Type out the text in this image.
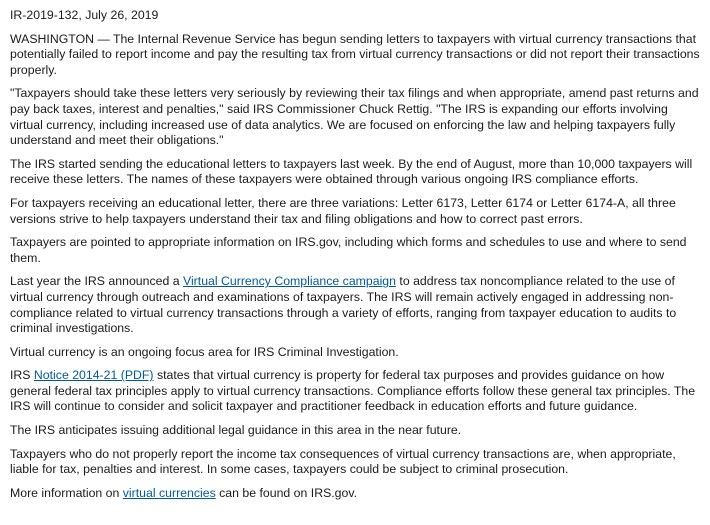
IR-2019-132, July 26, 2019

WASHINGTON — The Internal Revenue Service has begun sending letters to taxpayers with virtual currency transactions that potentially failed to report income and pay the resulting tax from virtual currency transactions or did not report their transactions properly.

"Taxpayers should take these letters very seriously by reviewing their tax filings and when appropriate, amend past returns and pay back taxes, interest and penalties," said IRS Commissioner Chuck Rettig. "The IRS is expanding our efforts involving virtual currency, including increased use of data analytics. We are focused on enforcing the law and helping taxpayers fully understand and meet their obligations."

The IRS started sending the educational letters to taxpayers last week. By the end of August, more than 10,000 taxpayers will receive these letters. The names of these taxpayers were obtained through various ongoing IRS compliance efforts.

For taxpayers receiving an educational letter, there are three variations: Letter 6173, Letter 6174 or Letter 6174-A, all three versions strive to help taxpayers understand their tax and filing obligations and how to correct past errors.

Taxpayers are pointed to appropriate information on IRS.gov, including which forms and schedules to use and where to send them.

Last year the IRS announced a Virtual Currency Compliance campaign to address tax noncompliance related to the use of virtual currency through outreach and examinations of taxpayers. The IRS will remain actively engaged in addressing non-compliance related to virtual currency transactions through a variety of efforts, ranging from taxpayer education to audits to criminal investigations.

Virtual currency is an ongoing focus area for IRS Criminal Investigation.

IRS Notice 2014-21 (PDF) states that virtual currency is property for federal tax purposes and provides guidance on how general federal tax principles apply to virtual currency transactions. Compliance efforts follow these general tax principles. The IRS will continue to consider and solicit taxpayer and practitioner feedback in education efforts and future guidance.

The IRS anticipates issuing additional legal guidance in this area in the near future.

Taxpayers who do not properly report the income tax consequences of virtual currency transactions are, when appropriate, liable for tax, penalties and interest. In some cases, taxpayers could be subject to criminal prosecution.

More information on virtual currencies can be found on IRS.gov.
